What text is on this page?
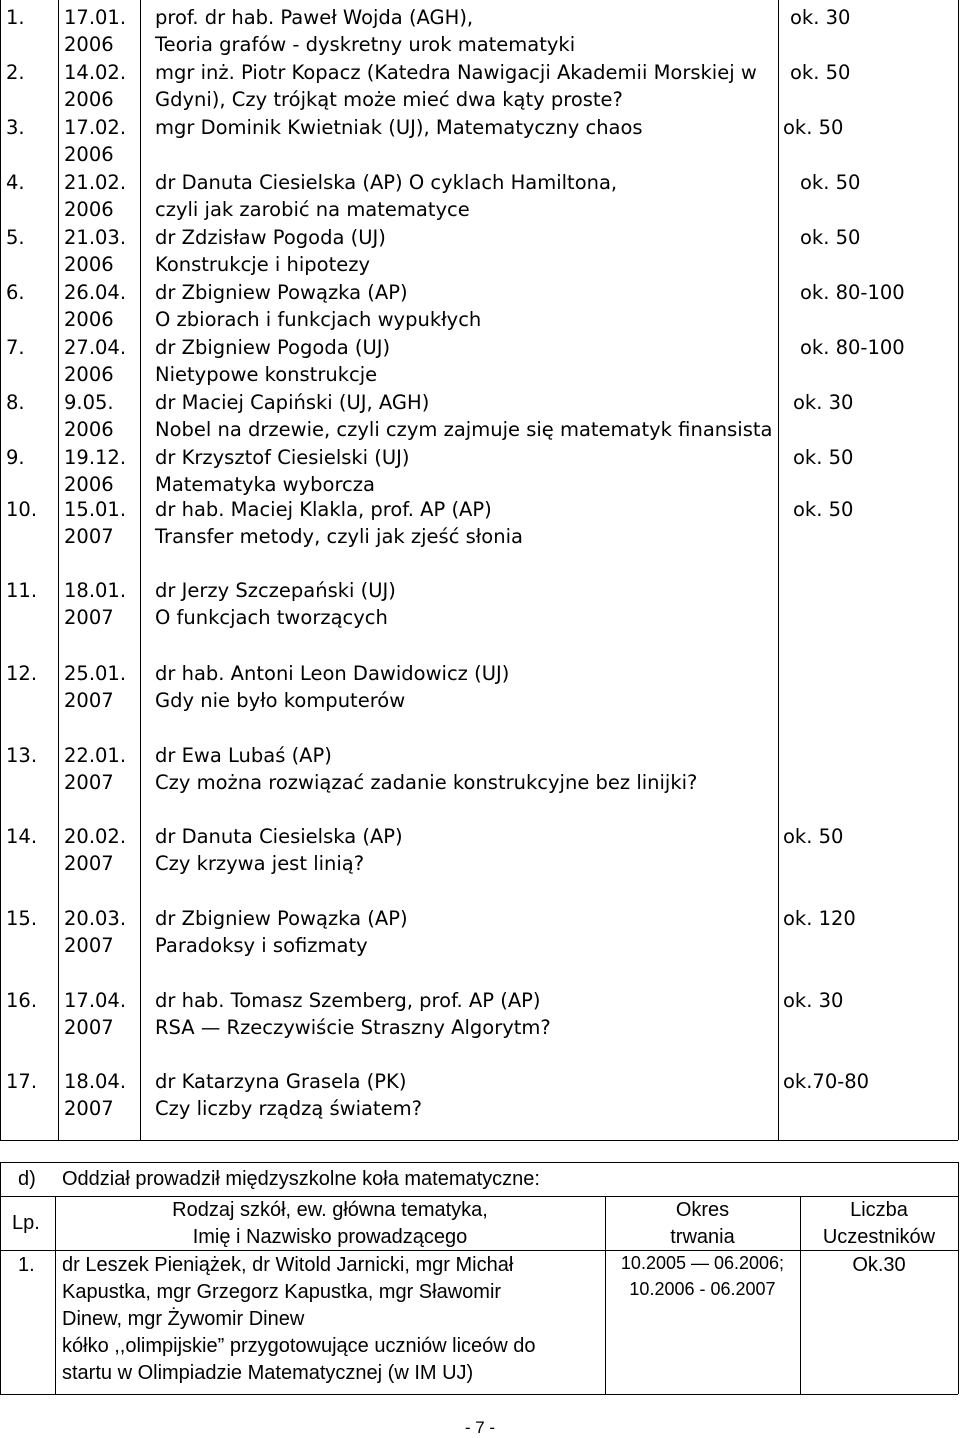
1. 17.01.
2006
prof. dr hab. Paweł Wojda (AGH),
Teoria grafów - dyskretny urok matematyki
ok. 30
2. 14.02.
2006
mgr inż. Piotr Kopacz (Katedra Nawigacji Akademii Morskiej w
Gdyni), Czy trójkąt może mieć dwa kąty proste?
ok. 50
3. 17.02.
2006
mgr Dominik Kwietniak (UJ), Matematyczny chaos	ok. 50
4. 21.02.
2006
dr Danuta Ciesielska (AP) O cyklach Hamiltona,
czyli jak zarobić na matematyce
ok. 50
5. 21.03.
2006
dr Zdzisław Pogoda (UJ)
Konstrukcje i hipotezy
ok. 50
6. 26.04.
2006
dr Zbigniew Powązka (AP)
O zbiorach i funkcjach wypukłych
ok. 80-100
7. 27.04.
2006
dr Zbigniew Pogoda (UJ)
Nietypowe konstrukcje
ok. 80-100
8. 9.05.
2006
dr Maciej Capiński (UJ, AGH)
Nobel na drzewie, czyli czym zajmuje się matematyk finansista
ok. 30
9. 19.12.
2006
dr Krzysztof Ciesielski (UJ)
Matematyka wyborcza
ok. 50
10. 15.01.
2007
dr hab. Maciej Klakla, prof. AP (AP)
Transfer metody, czyli jak zjeść słonia
ok. 50
11. 18.01.
2007
dr Jerzy Szczepański (UJ)
O funkcjach tworzących
12. 25.01.
2007
dr hab. Antoni Leon Dawidowicz (UJ)
Gdy nie było komputerów
13. 22.01.
2007
dr Ewa Lubaś (AP)
Czy można rozwiązać zadanie konstrukcyjne bez linijki?
14. 20.02.
2007
dr Danuta Ciesielska (AP)
Czy krzywa jest linią?
ok. 50
15. 20.03.
2007
dr Zbigniew Powązka (AP)
Paradoksy i sofizmaty
ok. 120
16. 17.04.
2007
dr hab. Tomasz Szemberg, prof. AP (AP)
RSA — Rzeczywiście Straszny Algorytm?
ok. 30
17. 18.04.
2007
dr Katarzyna Grasela (PK)
Czy liczby rządzą światem?
ok.70-80
d) Oddział prowadził międzyszkolne koła matematyczne:
Lp.
Rodzaj szkół, ew. główna tematyka,
Imię i Nazwisko prowadzącego
Okres
trwania
Liczba
Uczestników
1. dr Leszek Pieniążek, dr Witold Jarnicki, mgr Michał
Kapustka, mgr Grzegorz Kapustka, mgr Sławomir
Dinew, mgr Żywomir Dinew
kółko ,,olimpijskie” przygotowujące uczniów liceów do
startu w Olimpiadzie Matematycznej (w IM UJ)
10.2005 — 06.2006;
10.2006 - 06.2007
Ok.30
- 7 -
